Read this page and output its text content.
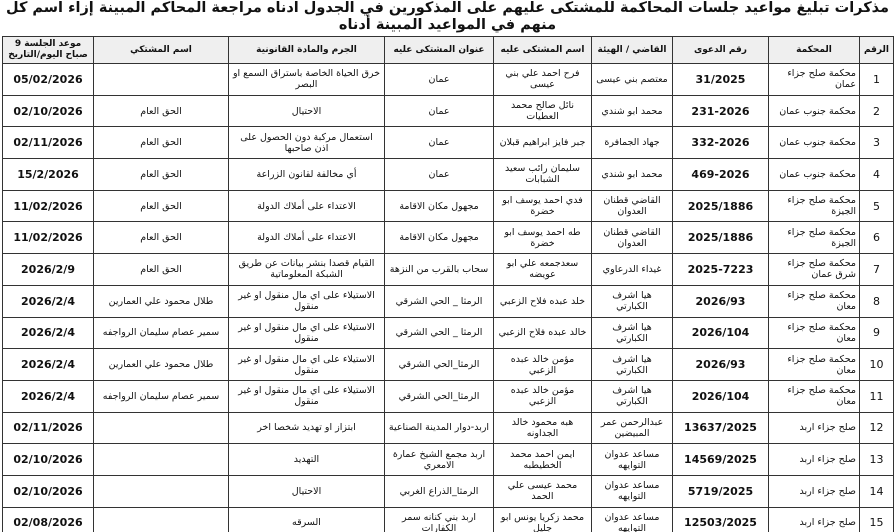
مذكرات تبليغ مواعيد جلسات المحاكمة للمشتكى عليهم على المذكورين في الجدول ادناه مراجعة المحاكم المبينة إزاء اسم كل منهم في المواعيد المبينة أدناه
الرقم	المحكمة	رقم الدعوى	القاضي / الهيئة	اسم المشتكى عليه	عنوان المشتكى عليه	الجرم والمادة القانونية	اسم المشتكي	موعد الجلسة 9 صباح اليوم/التاريخ
1	محكمة صلح جزاء عمان	31/2025	معتصم بني عيسى	فرح احمد علي بني عيسى	عمان	خرق الحياة الخاصة باستراق السمع او البصر		05/02/2026
2	محكمة جنوب عمان	231-2026	محمد ابو شندي	نائل صالح محمد العطيات	عمان	الاحتيال	الحق العام	02/10/2026
3	محكمة جنوب عمان	332-2026	جهاد الجمافرة	جبر فايز ابراهيم قبلان	عمان	استعمال مركبة دون الحصول على اذن صاحبها	الحق العام	02/11/2026
4	محكمة جنوب عمان	469-2026	محمد ابو شندي	سليمان رائب سعيد الشبابات	عمان	أي مخالفة لقانون الزراعة	الحق العام	15/2/2026
5	محكمة صلح جزاء الجيزة	2025/1886	القاضي قطنان العدوان	فدي احمد يوسف ابو خضرة	مجهول مكان الاقامة	الاعتداء على أملاك الدولة	الحق العام	11/02/2026
6	محكمة صلح جزاء الجيزة	2025/1886	القاضي قطنان العدوان	طه احمد يوسف ابو خضرة	مجهول مكان الاقامة	الاعتداء على أملاك الدولة	الحق العام	11/02/2026
7	محكمة صلح جزاء شرق عمان	2025-7223	غيداء الدرعاوي	سعدجمعه علي ابو عويضه	سحاب بالقرب من النزهة	القيام قصدا بنشر بيانات عن طريق الشبكة المعلوماتية	الحق العام	2026/2/9
8	محكمة صلح جزاء معان	2026/93	هيا اشرف الكبارتي	خلد عبده فلاح الزعبي	الرمثا _ الحي الشرقي	الاستيلاء على اي مال منقول او غير منقول	طلال محمود علي العمارين	2026/2/4
9	محكمة صلح جزاء معان	2026/104	هيا اشرف الكبارتي	خالد عبده فلاح الزعبي	الرمثا _ الحي الشرقي	الاستيلاء على اي مال منقول او غير منقول	سمير عصام سليمان الرواجفه	2026/2/4
10	محكمة صلح جزاء معان	2026/93	هيا اشرف الكبارتي	مؤمن خالد عبده الزعبي	الرمثا_الحي الشرقي	الاستيلاء على اي مال منقول او غير منقول	طلال محمود علي العمارين	2026/2/4
11	محكمة صلح جزاء معان	2026/104	هيا اشرف الكبارتي	مؤمن خالد عبده الزعبي	الرمثا_الحي الشرقي	الاستيلاء على اي مال منقول او غير منقول	سمير عصام سليمان الرواجفه	2026/2/4
12	صلح جزاء اربد	13637/2025	عبدالرحمن عمر المبيضين	هبه محمود خالد الجداونه	اربد-دوار المدينة الصناعية	ابتزاز او تهديد شخصا اخر		02/11/2026
13	صلح جزاء اربد	14569/2025	مساعد عدوان التوايهه	ايمن احمد محمد الخطيطبه	اربد مجمع الشيخ عمارة الامعري	التهديد		02/10/2026
14	صلح جزاء اربد	5719/2025	مساعد عدوان التوايهه	محمد عيسى علي الحمد	الرمثا_الذراع الغربي	الاحتيال		02/10/2026
15	صلح جزاء اربد	12503/2025	مساعد عدوان التوايهه	محمد زكريا يونس ابو جليل	اربد بني كنانه سمر الكفارات	السرقه		02/08/2026
